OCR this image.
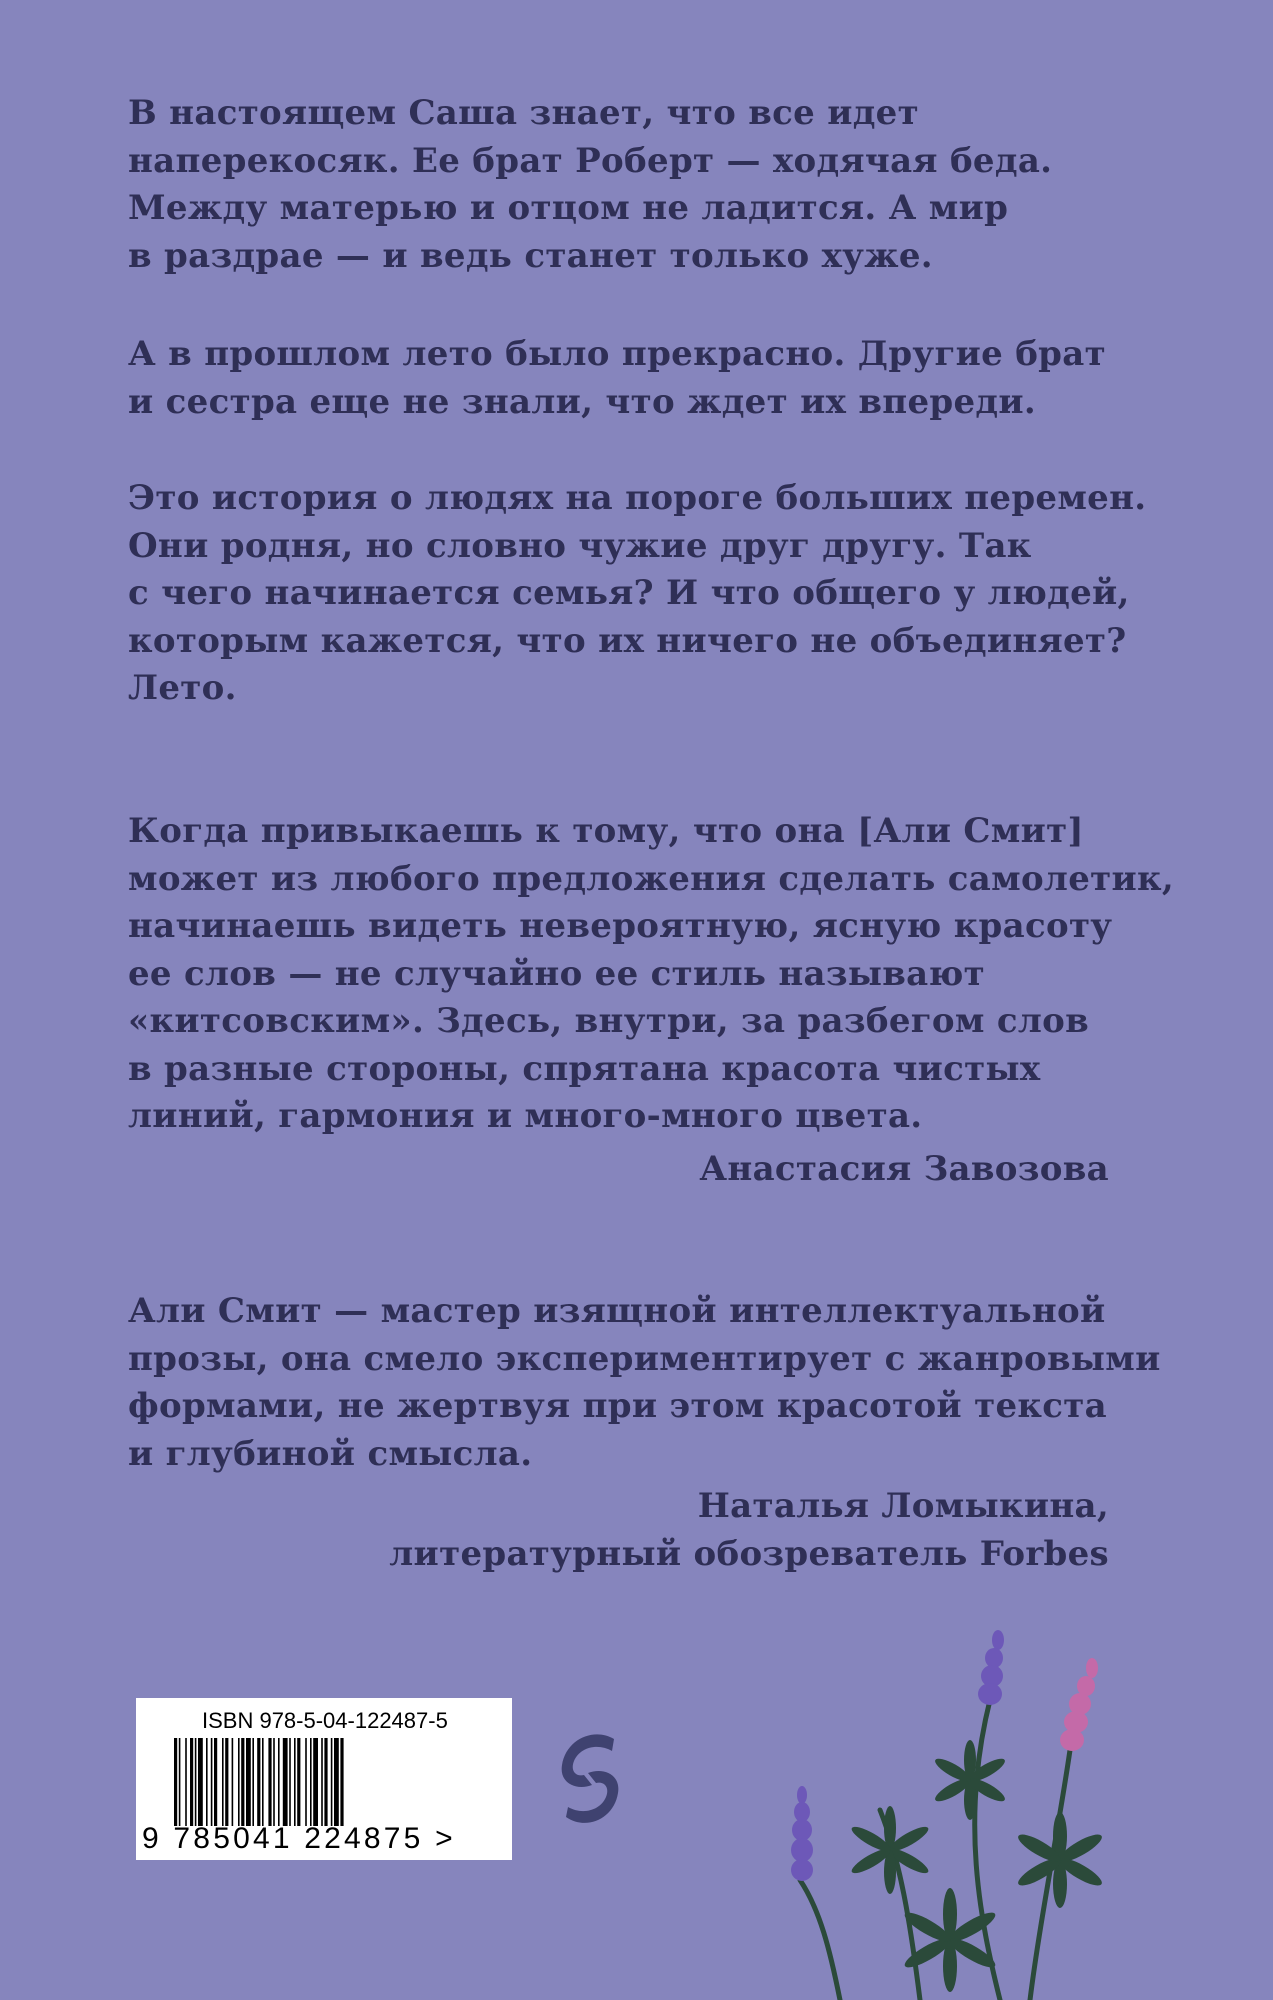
В настоящем Саша знает, что все идет
наперекосяк. Ее брат Роберт — ходячая беда.
Между матерью и отцом не ладится. А мир
в раздрае — и ведь станет только хуже.
А в прошлом лето было прекрасно. Другие брат
и сестра еще не знали, что ждет их впереди.
Это история о людях на пороге больших перемен.
Они родня, но словно чужие друг другу. Так
с чего начинается семья? И что общего у людей,
которым кажется, что их ничего не объединяет?
Лето.
Когда привыкаешь к тому, что она [Али Смит]
может из любого предложения сделать самолетик,
начинаешь видеть невероятную, ясную красоту
ее слов — не случайно ее стиль называют
«китсовским». Здесь, внутри, за разбегом слов
в разные стороны, спрятана красота чистых
линий, гармония и много-много цвета.
Анастасия Завозова
Али Смит — мастер изящной интеллектуальной
прозы, она смело экспериментирует с жанровыми
формами, не жертвуя при этом красотой текста
и глубиной смысла.
Наталья Ломыкина,
литературный обозреватель Forbes
ISBN 978-5-04-122487-5
9 785041 224875 >
